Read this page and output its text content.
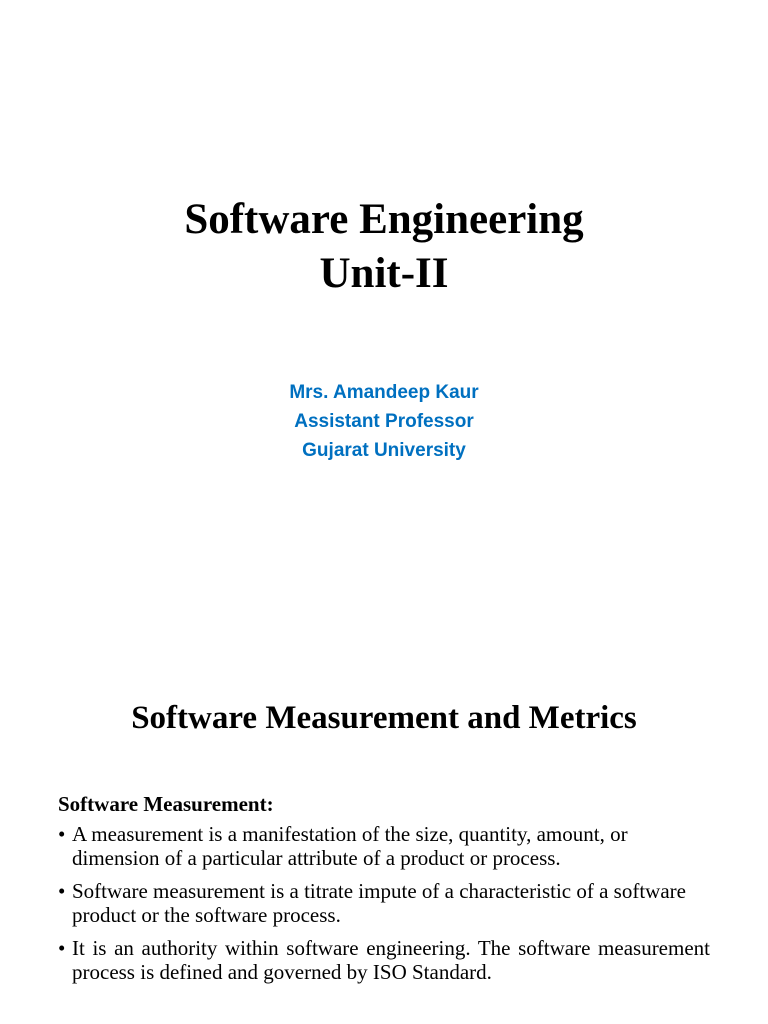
Software Engineering
Unit-II

Mrs. Amandeep Kaur

Assistant Professor

Gujarat University

Software Measurement and Metrics
Software Measurement:
• A measurement is a manifestation of the size, quantity, amount, or dimension of a particular attribute of a product or process.
• Software measurement is a titrate impute of a characteristic of a software product or the software process.
• It is an authority within software engineering. The software measurement process is defined and governed by ISO Standard.
